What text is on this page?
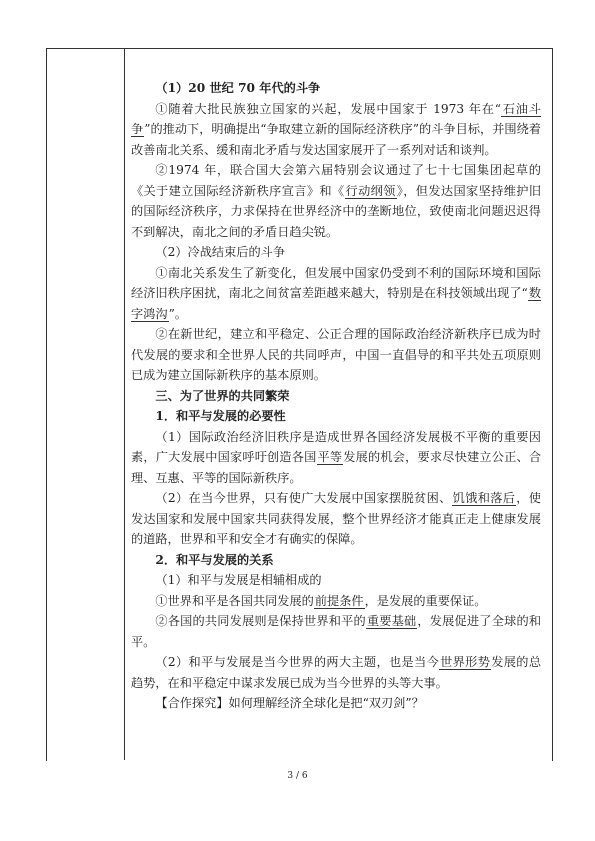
（1）20 世纪 70 年代的斗争

①随着大批民族独立国家的兴起，发展中国家于 1973 年在“石油斗争”的推动下，明确提出“争取建立新的国际经济秩序”的斗争目标，并围绕着改善南北关系、缓和南北矛盾与发达国家展开了一系列对话和谈判。

②1974 年，联合国大会第六届特别会议通过了七十七国集团起草的《关于建立国际经济新秩序宣言》和《行动纲领》，但发达国家坚持维护旧的国际经济秩序，力求保持在世界经济中的垄断地位，致使南北问题迟迟得不到解决，南北之间的矛盾日趋尖锐。

（2）冷战结束后的斗争

①南北关系发生了新变化，但发展中国家仍受到不利的国际环境和国际经济旧秩序困扰，南北之间贫富差距越来越大，特别是在科技领域出现了“数字鸿沟”。

②在新世纪，建立和平稳定、公正合理的国际政治经济新秩序已成为时代发展的要求和全世界人民的共同呼声，中国一直倡导的和平共处五项原则已成为建立国际新秩序的基本原则。

三、为了世界的共同繁荣

1．和平与发展的必要性

（1）国际政治经济旧秩序是造成世界各国经济发展极不平衡的重要因素，广大发展中国家呼吁创造各国平等发展的机会，要求尽快建立公正、合理、互惠、平等的国际新秩序。

（2）在当今世界，只有使广大发展中国家摆脱贫困、饥饿和落后，使发达国家和发展中国家共同获得发展，整个世界经济才能真正走上健康发展的道路，世界和平和安全才有确实的保障。

2．和平与发展的关系

（1）和平与发展是相辅相成的

①世界和平是各国共同发展的前提条件，是发展的重要保证。

②各国的共同发展则是保持世界和平的重要基础，发展促进了全球的和平。

（2）和平与发展是当今世界的两大主题，也是当今世界形势发展的总趋势，在和平稳定中谋求发展已成为当今世界的头等大事。

【合作探究】如何理解经济全球化是把“双刃剑”？

3 / 6
